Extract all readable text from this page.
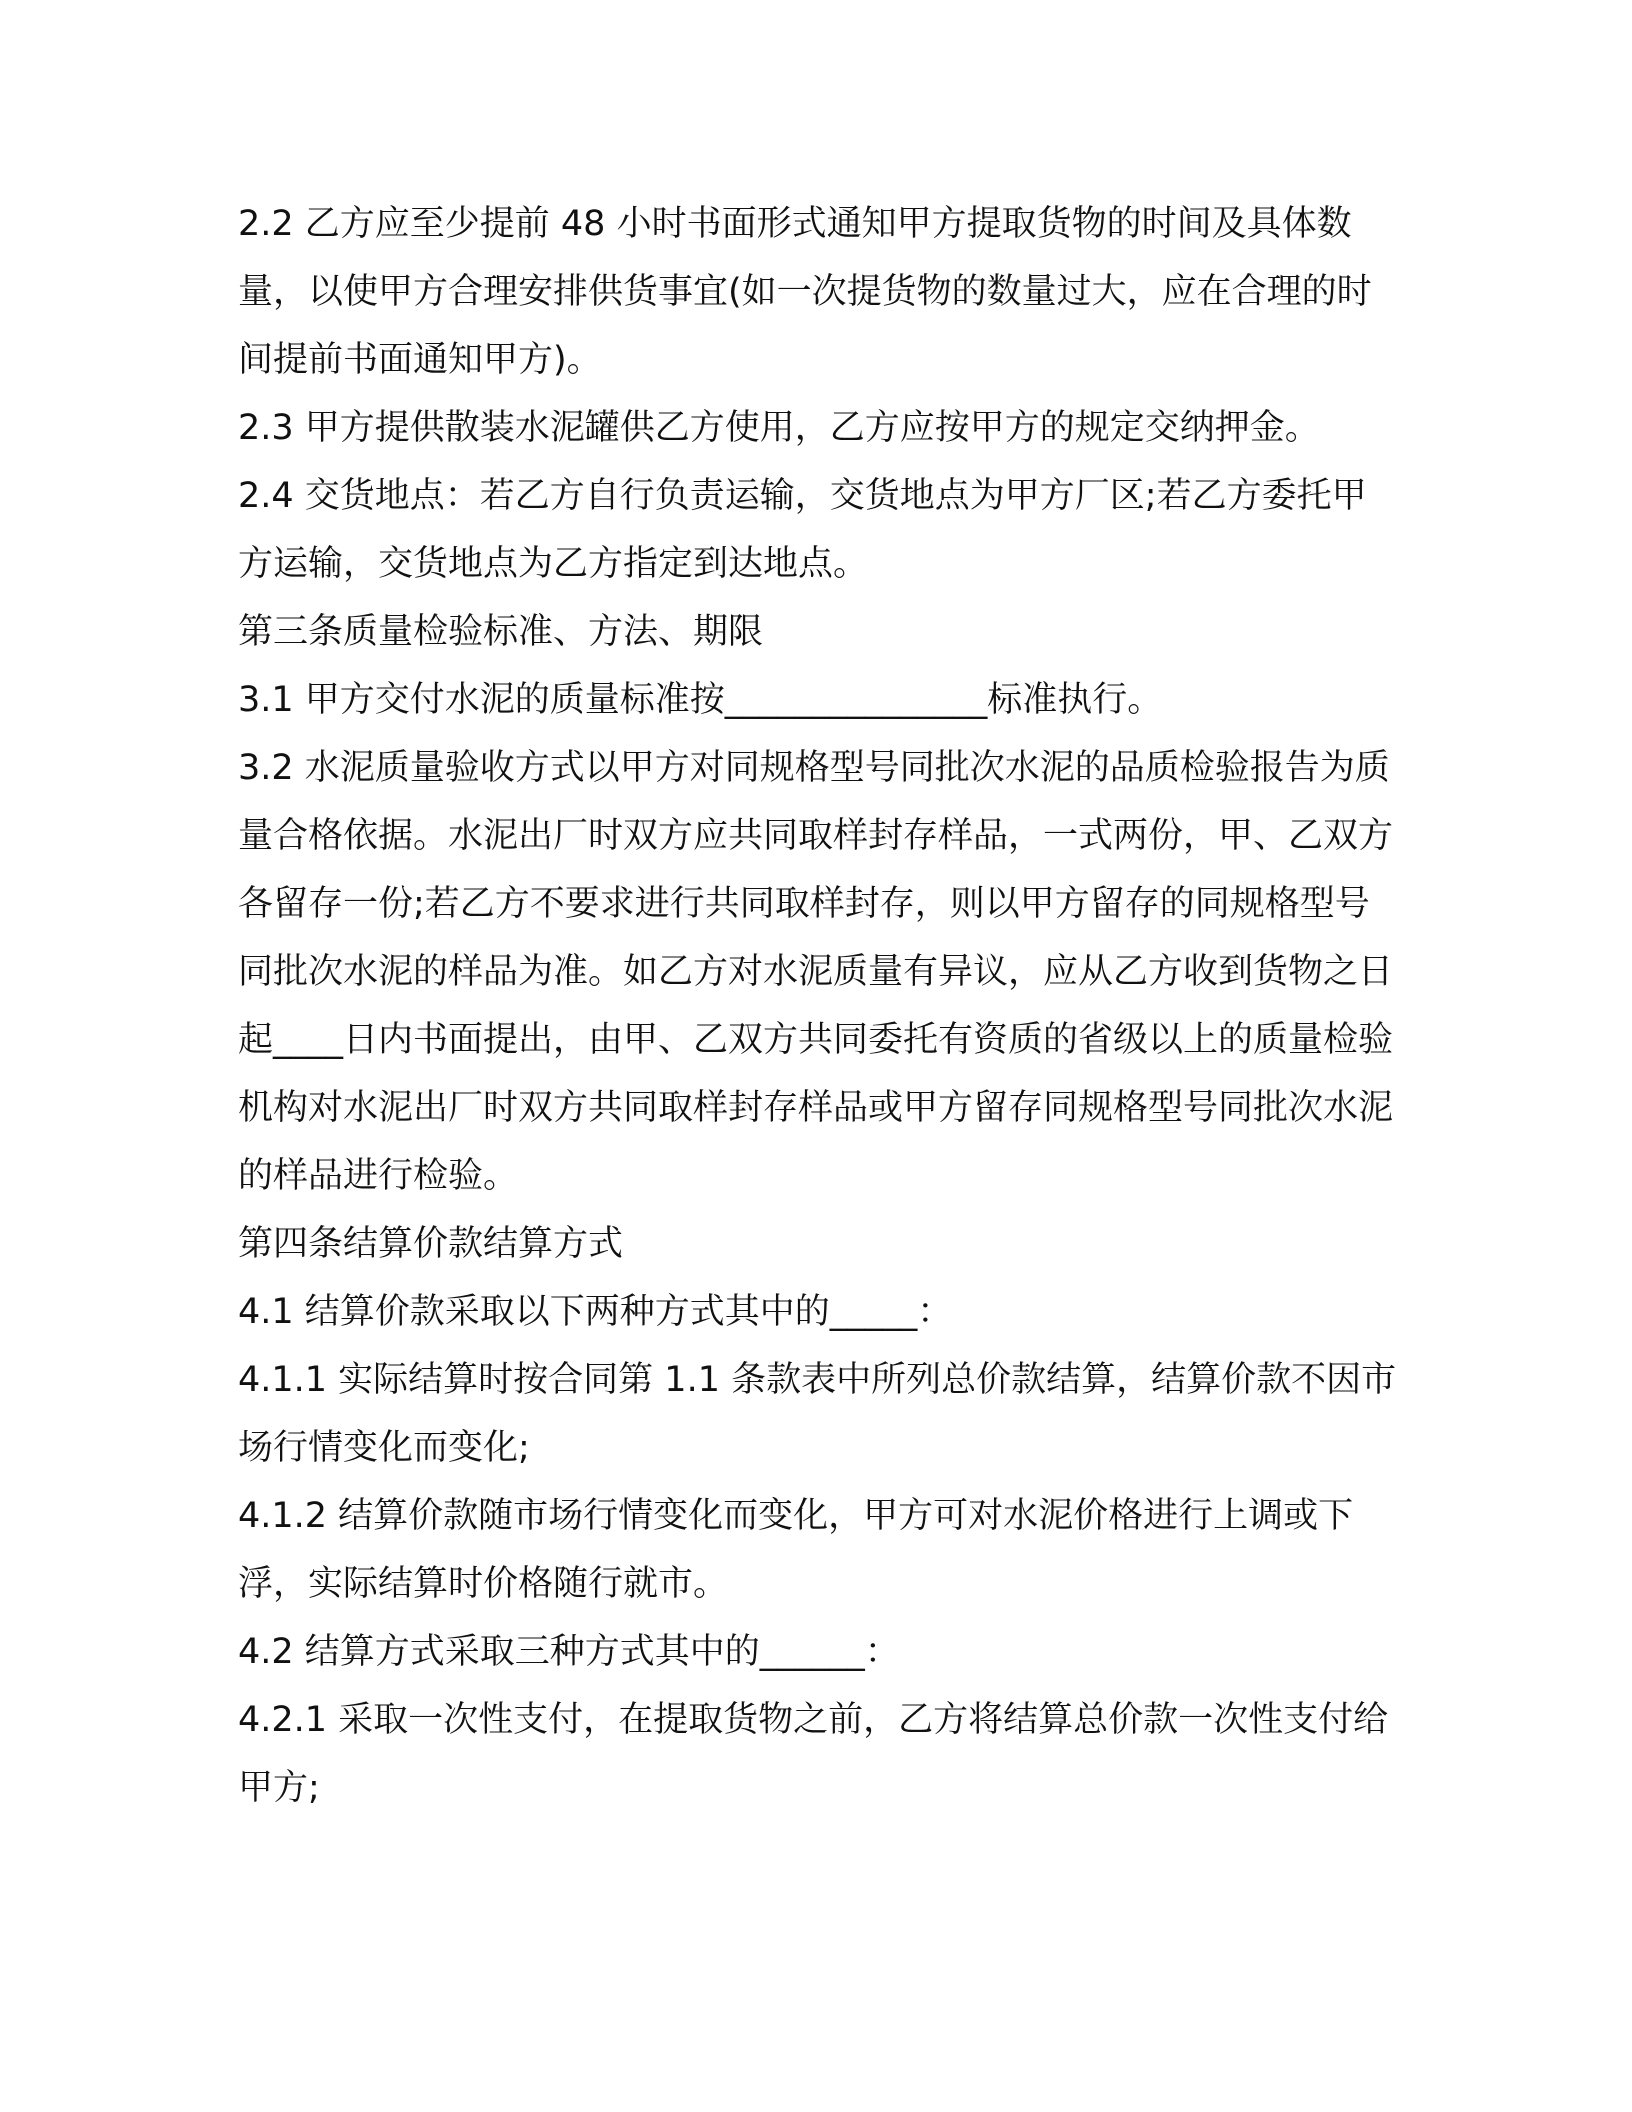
2.2 乙方应至少提前 48 小时书面形式通知甲方提取货物的时间及具体数量，以使甲方合理安排供货事宜(如一次提货物的数量过大，应在合理的时间提前书面通知甲方)。

2.3 甲方提供散装水泥罐供乙方使用，乙方应按甲方的规定交纳押金。

2.4 交货地点：若乙方自行负责运输，交货地点为甲方厂区;若乙方委托甲方运输，交货地点为乙方指定到达地点。

第三条质量检验标准、方法、期限

3.1 甲方交付水泥的质量标准按_______________标准执行。

3.2 水泥质量验收方式以甲方对同规格型号同批次水泥的品质检验报告为质量合格依据。水泥出厂时双方应共同取样封存样品，一式两份，甲、乙双方各留存一份;若乙方不要求进行共同取样封存，则以甲方留存的同规格型号同批次水泥的样品为准。如乙方对水泥质量有异议，应从乙方收到货物之日起____日内书面提出，由甲、乙双方共同委托有资质的省级以上的质量检验机构对水泥出厂时双方共同取样封存样品或甲方留存同规格型号同批次水泥的样品进行检验。

第四条结算价款结算方式

4.1 结算价款采取以下两种方式其中的_____：

4.1.1 实际结算时按合同第 1.1 条款表中所列总价款结算，结算价款不因市场行情变化而变化;

4.1.2 结算价款随市场行情变化而变化，甲方可对水泥价格进行上调或下浮，实际结算时价格随行就市。

4.2 结算方式采取三种方式其中的______：

4.2.1 采取一次性支付，在提取货物之前，乙方将结算总价款一次性支付给甲方;
